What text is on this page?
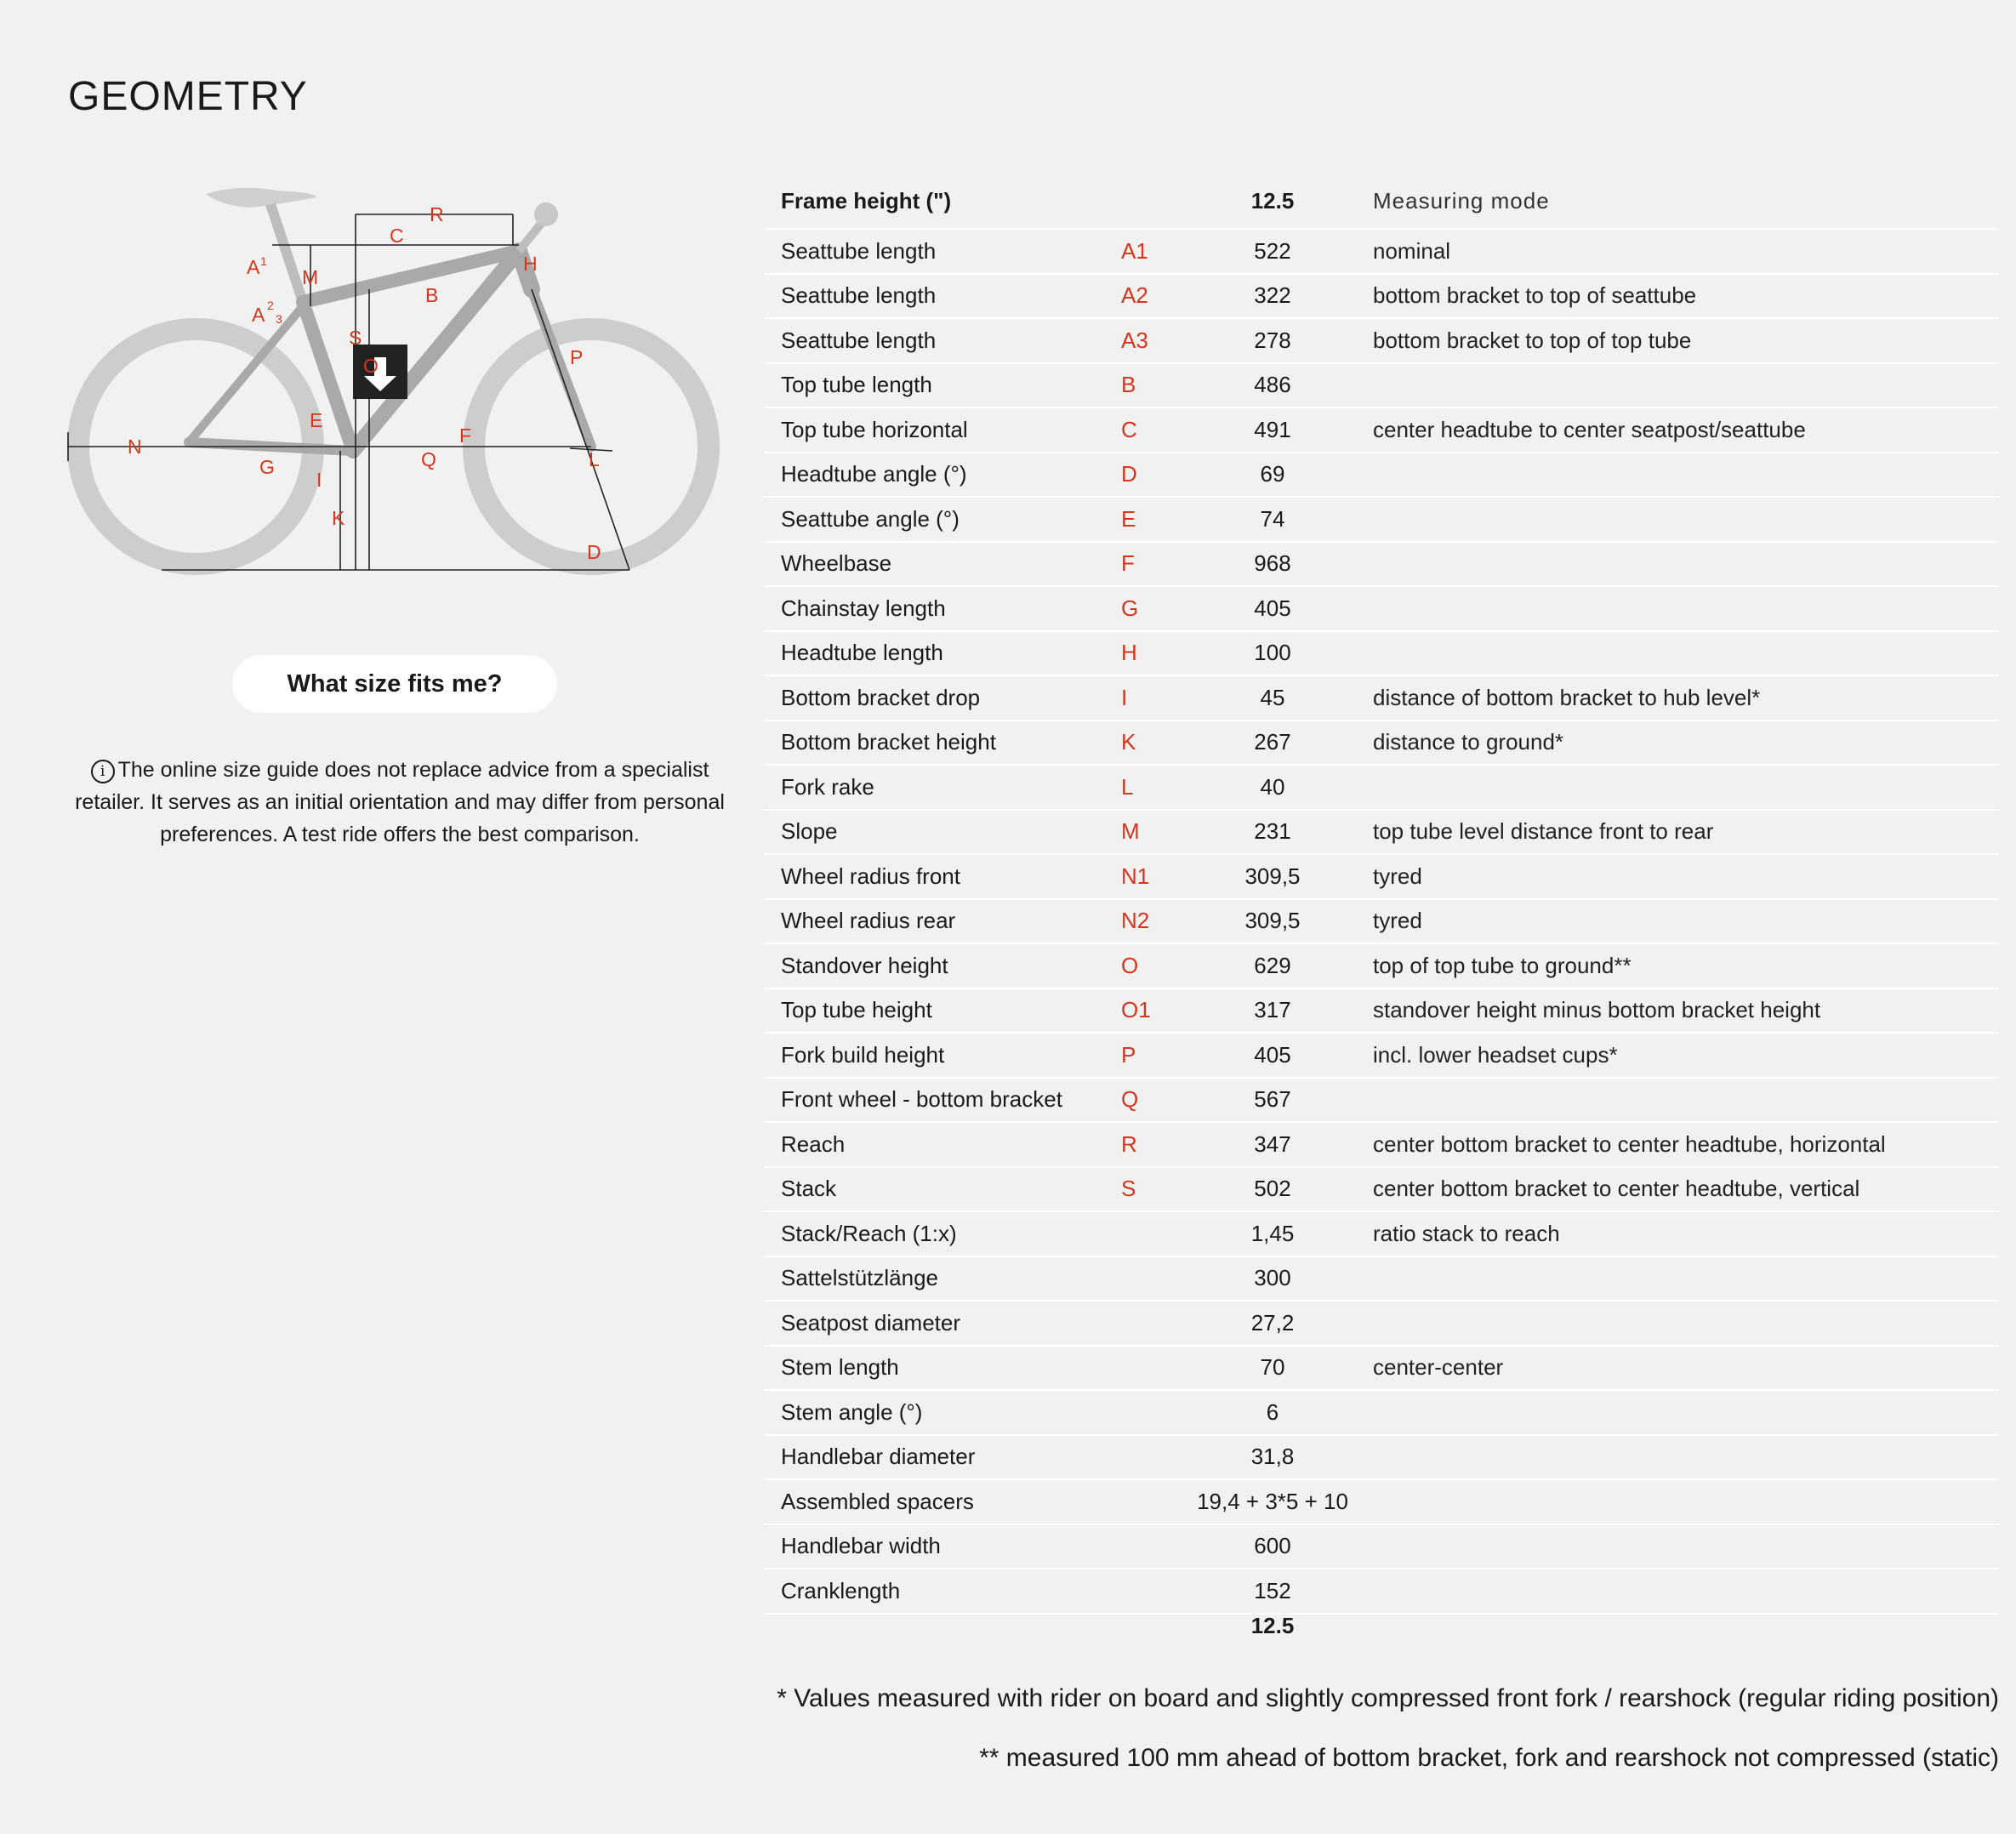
GEOMETRY
A 1
A 2
3
M
C
R
H
B
S
O	P
E
N
G
I
F
Q	L
K
D
What size fits me?
i The online size guide does not replace advice from a specialist retailer. It serves as an initial orientation and may differ from personal preferences. A test ride offers the best comparison.
Frame height (")		12.5	Measuring mode
Seattube length	A1	522	nominal
Seattube length	A2	322	bottom bracket to top of seattube
Seattube length	A3	278	bottom bracket to top of top tube
Top tube length	B	486	
Top tube horizontal	C	491	center headtube to center seatpost/seattube
Headtube angle (°)	D	69	
Seattube angle (°)	E	74	
Wheelbase	F	968	
Chainstay length	G	405	
Headtube length	H	100	
Bottom bracket drop	I	45	distance of bottom bracket to hub level*
Bottom bracket height	K	267	distance to ground*
Fork rake	L	40	
Slope	M	231	top tube level distance front to rear
Wheel radius front	N1	309,5	tyred
Wheel radius rear	N2	309,5	tyred
Standover height	O	629	top of top tube to ground**
Top tube height	O1	317	standover height minus bottom bracket height
Fork build height	P	405	incl. lower headset cups*
Front wheel - bottom bracket	Q	567	
Reach	R	347	center bottom bracket to center headtube, horizontal
Stack	S	502	center bottom bracket to center headtube, vertical
Stack/Reach (1:x)		1,45	ratio stack to reach
Sattelstützlänge		300	
Seatpost diameter		27,2	
Stem length		70	center-center
Stem angle (°)		6	
Handlebar diameter		31,8	
Assembled spacers		19,4 + 3*5 + 10	
Handlebar width		600	
Cranklength		152	
12.5
* Values measured with rider on board and slightly compressed front fork / rearshock (regular riding position)
** measured 100 mm ahead of bottom bracket, fork and rearshock not compressed (static)
